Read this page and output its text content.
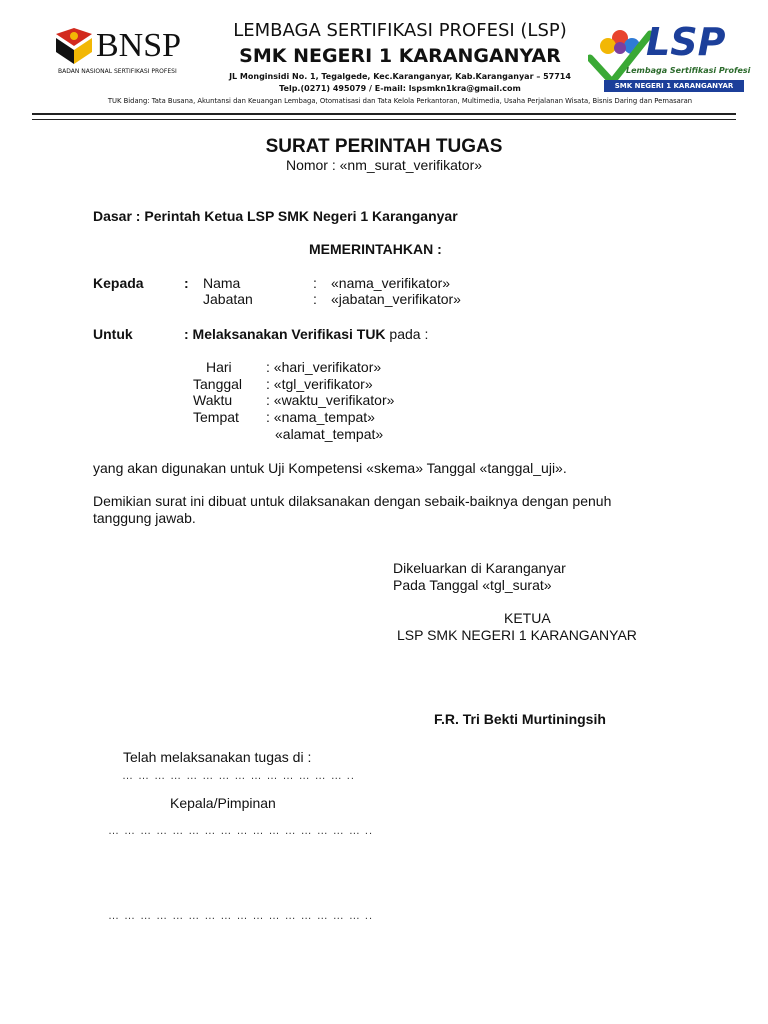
BNSP
BADAN NASIONAL SERTIFIKASI PROFESI
LEMBAGA SERTIFIKASI PROFESI (LSP)
SMK NEGERI 1 KARANGANYAR
JL Monginsidi No. 1, Tegalgede, Kec.Karanganyar, Kab.Karanganyar – 57714
Telp.(0271) 495079 / E-mail: lspsmkn1kra@gmail.com
LSP
Lembaga Sertifikasi Profesi
SMK NEGERI 1 KARANGANYAR
TUK Bidang: Tata Busana, Akuntansi dan Keuangan Lembaga, Otomatisasi dan Tata Kelola Perkantoran, Multimedia, Usaha Perjalanan Wisata, Bisnis Daring dan Pemasaran
SURAT PERINTAH TUGAS
Nomor : «nm_surat_verifikator»
Dasar : Perintah Ketua LSP SMK Negeri 1 Karanganyar
MEMERINTAHKAN :
Kepada	: Nama	: «nama_verifikator»
Jabatan	: «jabatan_verifikator»
Untuk	: Melaksanakan Verifikasi TUK pada :
Hari : «hari_verifikator»
Tanggal : «tgl_verifikator»
Waktu : «waktu_verifikator»
Tempat : «nama_tempat»
«alamat_tempat»
yang akan digunakan untuk Uji Kompetensi «skema» Tanggal «tanggal_uji».
Demikian surat ini dibuat untuk dilaksanakan dengan sebaik-baiknya dengan penuh
tanggung jawab.
Dikeluarkan di Karanganyar
Pada Tanggal «tgl_surat»
KETUA
LSP SMK NEGERI 1 KARANGANYAR
F.R. Tri Bekti Murtiningsih
Telah melaksanakan tugas di :
… … … … … … … … … … … … … … ..
Kepala/Pimpinan
… … … … … … … … … … … … … … … … ..
… … … … … … … … … … … … … … … … ..
